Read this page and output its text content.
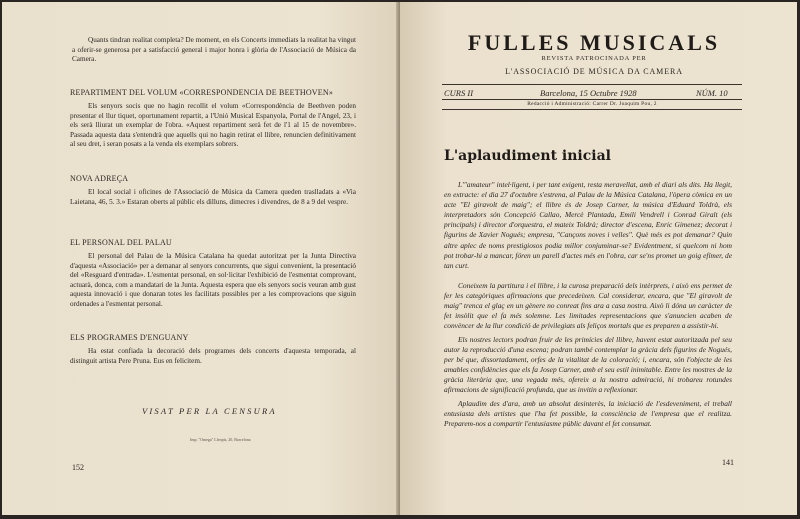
Quants tindran realitat completa? De moment, en els Concerts immediats la realitat ha vingut a oferir-se generosa per a satisfacció general i major honra i glòria de l'Associació de Música da Camera.

REPARTIMENT DEL VOLUM «CORRESPONDENCIA DE BEETHOVEN»

Els senyors socis que no hagin recollit el volum «Correspondència de Beethven poden presentar el llur tiquet, oportunament repartit, a l'Unió Musical Espanyola, Portal de l'Angel, 23, i els serà lliurat un exemplar de l'obra. «Aquest repartiment serà fet de l'1 al 15 de novembre». Passada aquesta data s'entendrà que aquells qui no hagin retirat el llibre, renuncien definitivament al seu dret, i seran posats a la venda els exemplars sobrers.

NOVA ADREÇA

El local social i oficines de l'Associació de Música da Camera queden traslladats a «Via Laietana, 46, 5. 3.» Estaran oberts al públic els dilluns, dimecres i divendres, de 8 a 9 del vespre.

EL PERSONAL DEL PALAU

El personal del Palau de la Música Catalana ha quedat autoritzat per la Junta Directiva d'aquesta «Associació» per a demanar al senyors concurrents, que sigui convenient, la presentació del «Resguard d'entrada». L'esmentat personal, en sol·licitar l'exhibició de l'esmentat comprovant, actuarà, donca, com a mandatari de la Junta. Aquesta espera que els senyors socis veuran amb gust aquesta innovació i que donaran totes les facilitats possibles per a les comprovacions que siguin ordenades a l'esmentat personal.

ELS PROGRAMES D'ENGUANY

Ha estat confiada la decoració dels programes dels concerts d'aquesta temporada, al distinguit artista Pere Pruna. Eus en felicitem.

VISAT PER LA CENSURA
Imp. "Omega" Lleopis, 20, Barcelona
152
FULLES MUSICALS
REVISTA PATROCINADA PER
L'ASSOCIACIÓ DE MÚSICA DA CAMERA
CURS II	Barcelona, 15 Octubre 1928	NÚM. 10
Redacció i Administració: Carrer Dr. Joaquim Pou, 2
L'aplaudiment inicial

L'"amateur" intel·ligent, i per tant exigent, resta meravellat, amb el diari als dits. Ha llegit, en extracte: el dia 27 d'octubre s'estrena, al Palau de la Música Catalana, l'òpera còmica en un acte "El giravolt de maig"; el llibre és de Josep Carner, la música d'Eduard Toldrà, els interpretadors són Concepció Callao, Mercè Plantada, Emili Vendrell i Conrad Giralt (els principals) i director d'orquestra, el mateix Toldrà; director d'escena, Enric Gimenez; decorat i figurins de Xavier Nogués; empresa, "Cançons noves i velles". Què més es pot demanar? Quin altre aplec de noms prestigiosos podia millor conjuminar-se? Evidentment, si quelcom ni hom pot trobar-hi a mancar, fóren un parell d'actes més en l'obra, car se'ns promet un goig efímer, de tan curt.

Coneixem la partitura i el llibre, i la curosa preparació dels intèrprets, i això ens permet de fer les categòriques afirmacions que precedeixen. Cal considerar, encara, que "El giravolt de maig" trenca el glaç en un gènere no conreat fins ara a casa nostra. Això li dóna un caràcter de fet insòlit que el fa més solemne. Les limitades representacions que s'anuncien acaben de convèncer de la llur condició de privilegiats als feliços mortals que es preparen a assistir-hi.

Els nostres lectors podran fruir de les primícies del llibre, havent estat autoritzada pel seu autor la reproducció d'una escena; podran també contemplar la gràcia dels figurins de Nogués, per bé que, dissortadament, orfes de la vitalitat de la coloració; i, encara, són l'objecte de les amables confidències que els fa Josep Carner, amb el seu estil inimitable. Entre les mostres de la gràcia literària que, una vegada més, ofereix a la nostra admiració, hi trobareu rotundes afirmacions de significació profunda, que us invitin a reflexionar.

Aplaudim des d'ara, amb un absolut desinterès, la iniciació de l'esdeveniment, el treball entusiasta dels artistes que l'ha fet possible, la consciència de l'empresa que el realitza. Preparem-nos a compartir l'entusiasme públic davant el fet consumat.

141
